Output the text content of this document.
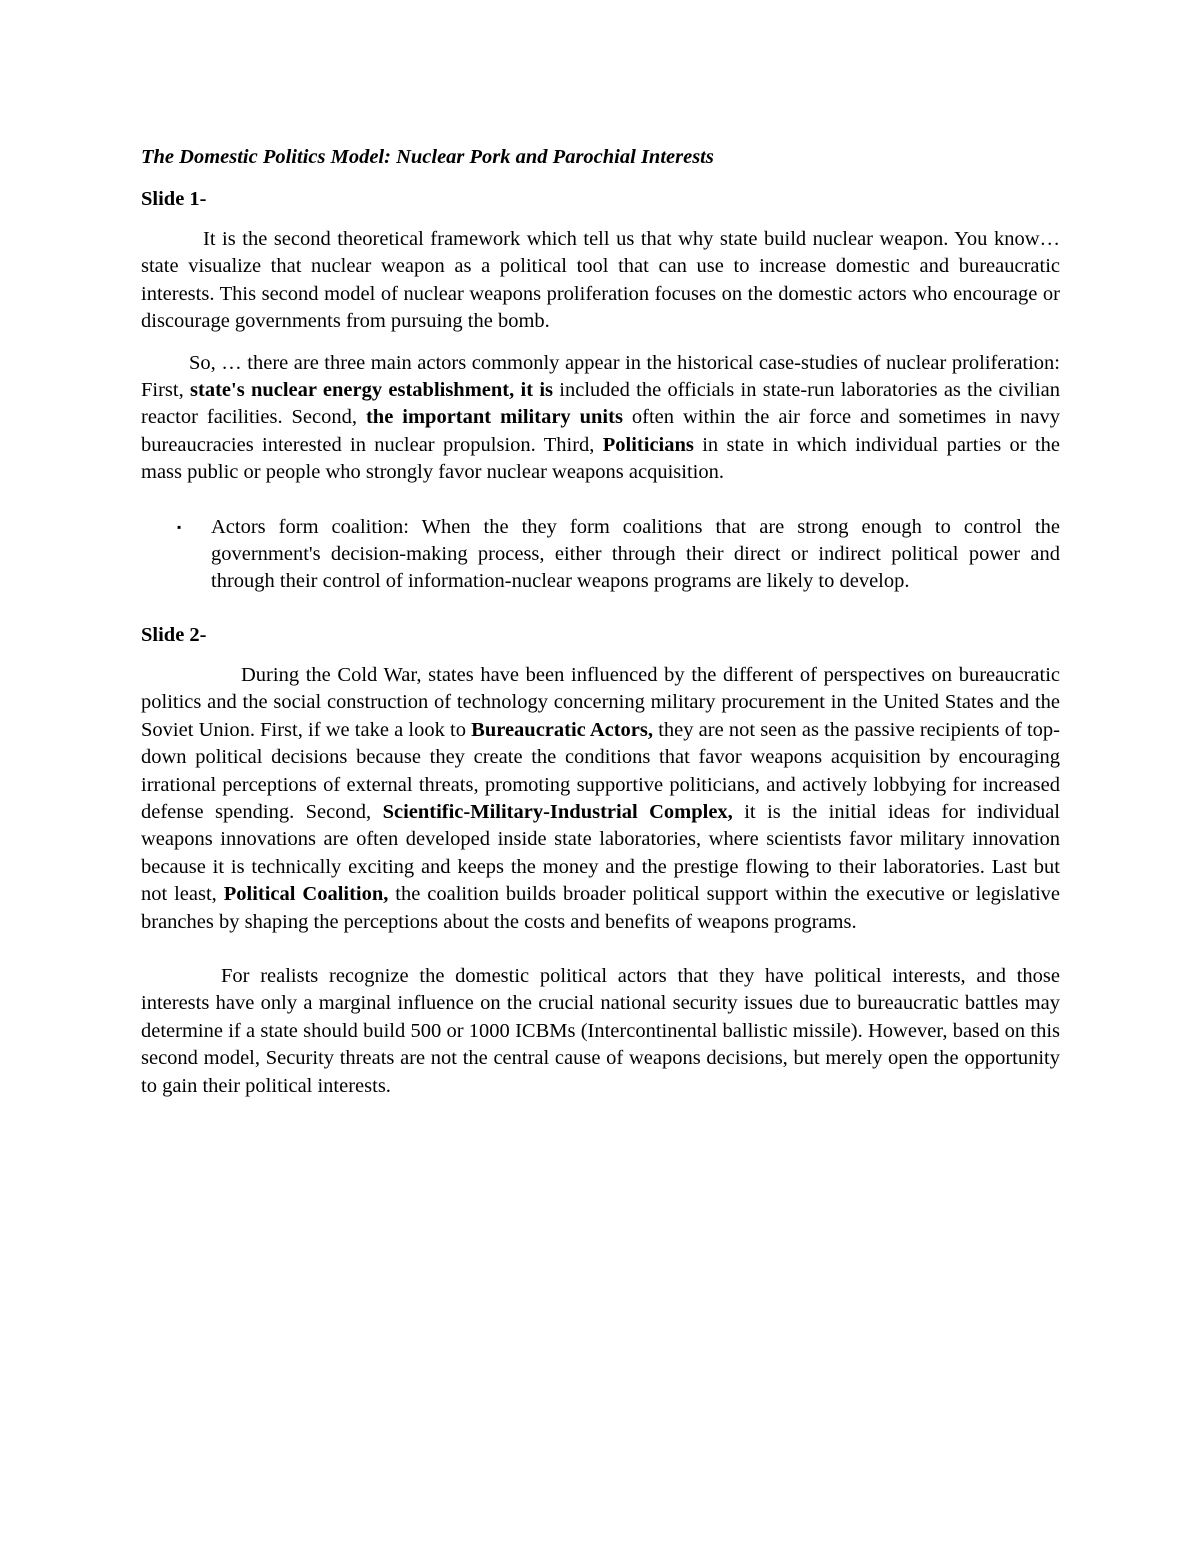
The Domestic Politics Model: Nuclear Pork and Parochial Interests

Slide 1-

It is the second theoretical framework which tell us that why state build nuclear weapon. You know… state visualize that nuclear weapon as a political tool that can use to increase domestic and bureaucratic interests. This second model of nuclear weapons proliferation focuses on the domestic actors who encourage or discourage governments from pursuing the bomb.

So, … there are three main actors commonly appear in the historical case-studies of nuclear proliferation: First, state's nuclear energy establishment, it is included the officials in state-run laboratories as the civilian reactor facilities. Second, the important military units often within the air force and sometimes in navy bureaucracies interested in nuclear propulsion. Third, Politicians in state in which individual parties or the mass public or people who strongly favor nuclear weapons acquisition.

▪ Actors form coalition: When the they form coalitions that are strong enough to control the government's decision-making process, either through their direct or indirect political power and through their control of information-nuclear weapons programs are likely to develop.

Slide 2-

During the Cold War, states have been influenced by the different of perspectives on bureaucratic politics and the social construction of technology concerning military procurement in the United States and the Soviet Union. First, if we take a look to Bureaucratic Actors, they are not seen as the passive recipients of top-down political decisions because they create the conditions that favor weapons acquisition by encouraging irrational perceptions of external threats, promoting supportive politicians, and actively lobbying for increased defense spending. Second, Scientific-Military-Industrial Complex, it is the initial ideas for individual weapons innovations are often developed inside state laboratories, where scientists favor military innovation because it is technically exciting and keeps the money and the prestige flowing to their laboratories. Last but not least, Political Coalition, the coalition builds broader political support within the executive or legislative branches by shaping the perceptions about the costs and benefits of weapons programs.

For realists recognize the domestic political actors that they have political interests, and those interests have only a marginal influence on the crucial national security issues due to bureaucratic battles may determine if a state should build 500 or 1000 ICBMs (Intercontinental ballistic missile). However, based on this second model, Security threats are not the central cause of weapons decisions, but merely open the opportunity to gain their political interests.
